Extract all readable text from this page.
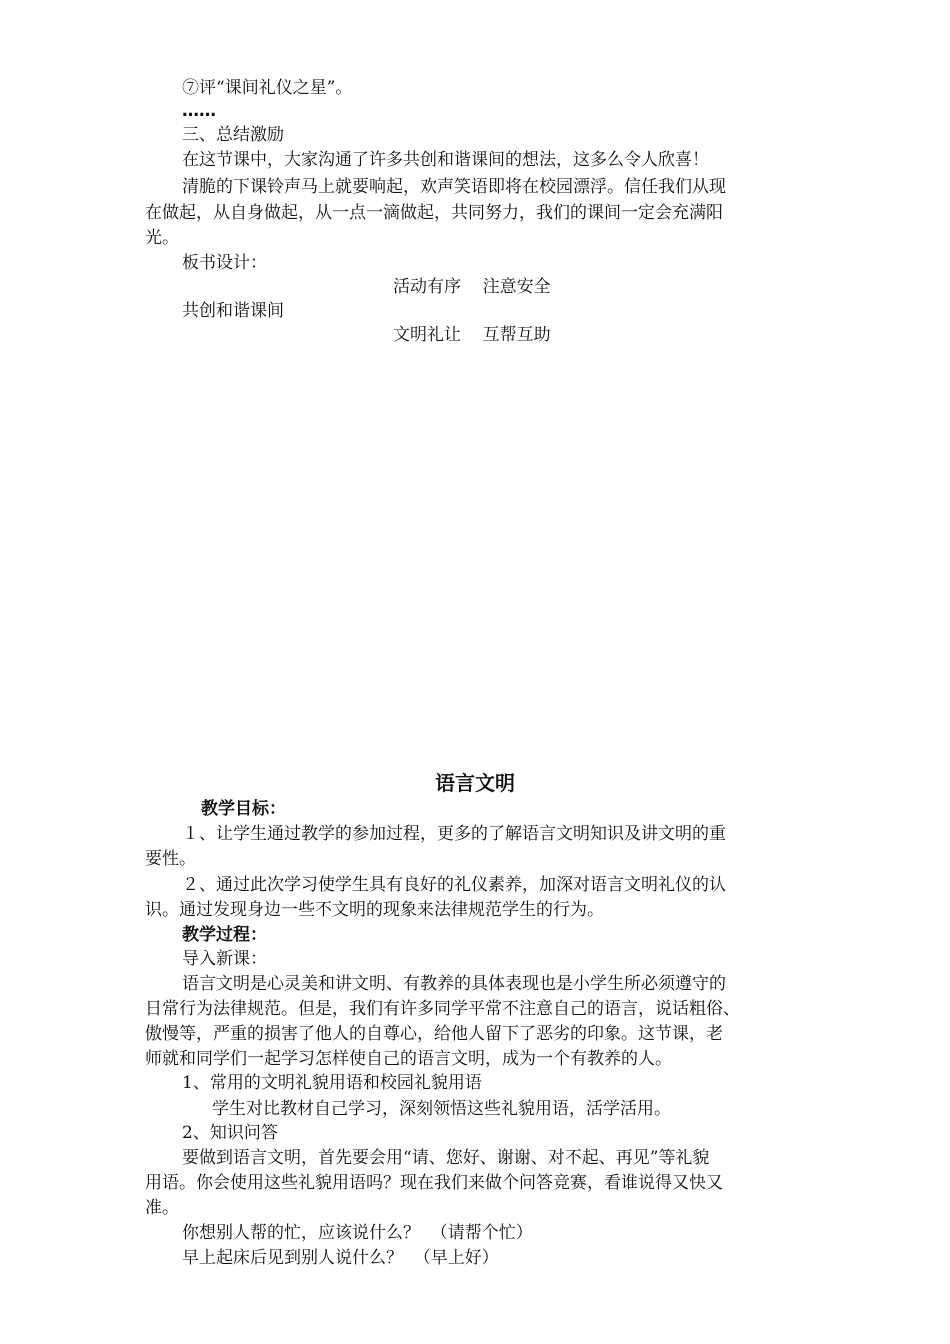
⑦评“课间礼仪之星”。
……
三、总结激励
在这节课中，大家沟通了许多共创和谐课间的想法，这多么令人欣喜！
清脆的下课铃声马上就要响起，欢声笑语即将在校园漂浮。信任我们从现
在做起，从自身做起，从一点一滴做起，共同努力，我们的课间一定会充满阳
光。
板书设计：
活动有序    注意安全
共创和谐课间
文明礼让    互帮互助
语言文明
教学目标：
１、让学生通过教学的参加过程，更多的了解语言文明知识及讲文明的重
要性。
２、通过此次学习使学生具有良好的礼仪素养，加深对语言文明礼仪的认
识。通过发现身边一些不文明的现象来法律规范学生的行为。
教学过程：
导入新课：
语言文明是心灵美和讲文明、有教养的具体表现也是小学生所必须遵守的
日常行为法律规范。但是，我们有许多同学平常不注意自己的语言，说话粗俗、
傲慢等，严重的损害了他人的自尊心，给他人留下了恶劣的印象。这节课，老
师就和同学们一起学习怎样使自己的语言文明，成为一个有教养的人。
1、常用的文明礼貌用语和校园礼貌用语
学生对比教材自己学习，深刻领悟这些礼貌用语，活学活用。
2、知识问答
要做到语言文明，首先要会用“请、您好、谢谢、对不起、再见”等礼貌
用语。你会使用这些礼貌用语吗？现在我们来做个问答竞赛，看谁说得又快又
准。
你想别人帮的忙，应该说什么？  （请帮个忙）
早上起床后见到别人说什么？  （早上好）
